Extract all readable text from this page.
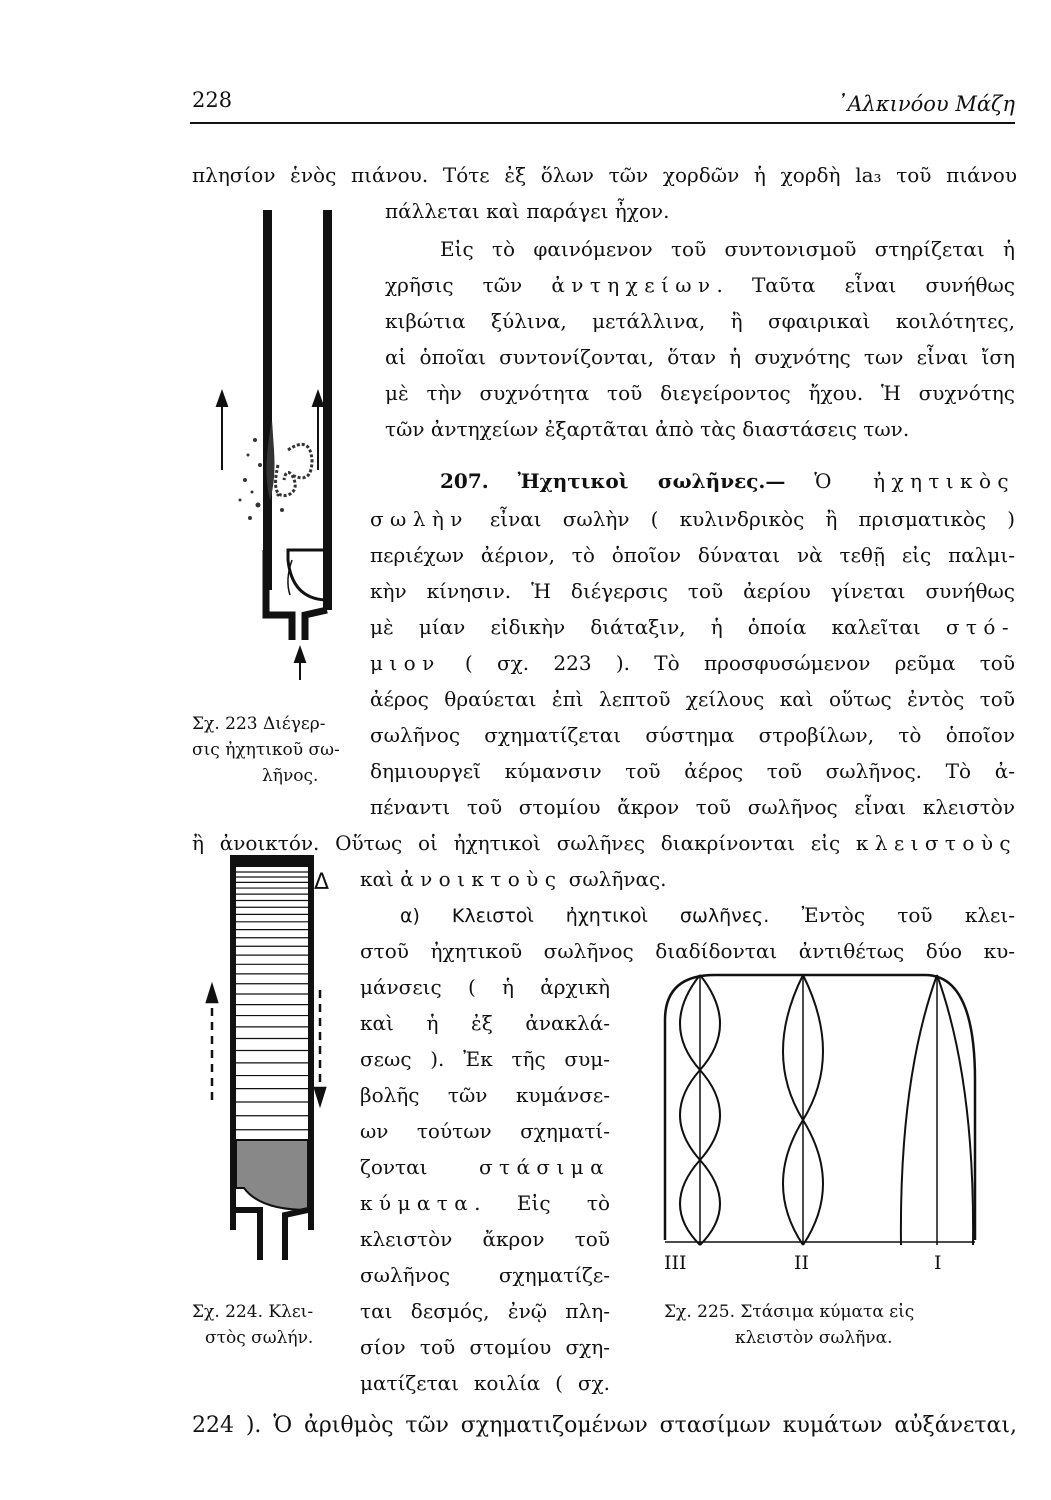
228	᾿Αλκινόου Μάζη

πλησίον ἑνὸς πιάνου. Τότε ἐξ ὅλων τῶν χορδῶν ἡ χορδὴ la₃ τοῦ πιάνου

πάλλεται καὶ παράγει ἦχον.

Εἰς τὸ φαινόμενον τοῦ συντονισμοῦ στηρίζεται ἡ

χρῆσις τῶν ἀντηχείων. Ταῦτα εἶναι συνήθως

κιβώτια ξύλινα, μετάλλινα, ἢ σφαιρικαὶ κοιλότητες,

αἱ ὁποῖαι συντονίζονται, ὅταν ἡ συχνότης των εἶναι ἴση

μὲ τὴν συχνότητα τοῦ διεγείροντος ἤχου. Ἡ συχνότης

τῶν ἀντηχείων ἐξαρτᾶται ἀπὸ τὰς διαστάσεις των.

207. Ἠχητικοὶ σωλῆνες.— Ὁ ἠχητικὸς

σωλὴν εἶναι σωλὴν ( κυλινδρικὸς ἢ πρισματικὸς )

περιέχων ἀέριον, τὸ ὁποῖον δύναται νὰ τεθῇ εἰς παλμι-

κὴν κίνησιν. Ἡ διέγερσις τοῦ ἀερίου γίνεται συνήθως

μὲ μίαν εἰδικὴν διάταξιν, ἡ ὁποία καλεῖται στό-

μιον ( σχ. 223 ). Τὸ προσφυσώμενον ρεῦμα τοῦ

ἀέρος θραύεται ἐπὶ λεπτοῦ χείλους καὶ οὕτως ἐντὸς τοῦ

σωλῆνος σχηματίζεται σύστημα στροβίλων, τὸ ὁποῖον

δημιουργεῖ κύμανσιν τοῦ ἀέρος τοῦ σωλῆνος. Τὸ ἀ-

πέναντι τοῦ στομίου ἄκρον τοῦ σωλῆνος εἶναι κλειστὸν

ἢ ἀνοικτόν. Οὕτως οἱ ἠχητικοὶ σωλῆνες διακρίνονται εἰς κλειστοὺς

καὶ ἀνοικτοὺς σωλῆνας.

α) Κλειστοὶ ἠχητικοὶ σωλῆνες. Ἐντὸς τοῦ κλει-

στοῦ ἠχητικοῦ σωλῆνος διαδίδονται ἀντιθέτως δύο κυ-

μάνσεις ( ἡ ἀρχικὴ

καὶ ἡ ἐξ ἀνακλά-

σεως ). Ἐκ τῆς συμ-

βολῆς τῶν κυμάνσε-

ων τούτων σχηματί-

ζονται στάσιμα

κύματα. Εἰς τὸ

κλειστὸν ἄκρον τοῦ

σωλῆνος σχηματίζε-

ται δεσμός, ἐνῷ πλη-

σίον τοῦ στομίου σχη-

ματίζεται κοιλία ( σχ.

224 ). Ὁ ἀριθμὸς τῶν σχηματιζομένων στασίμων κυμάτων αὐξάνεται,

Σχ. 223 Διέγερ-

σις ἠχητικοῦ σω-

λῆνος.

Δ

Σχ. 224. Κλει-

στὸς σωλήν.

III	II	I

Σχ. 225. Στάσιμα κύματα εἰς

κλειστὸν σωλῆνα.
